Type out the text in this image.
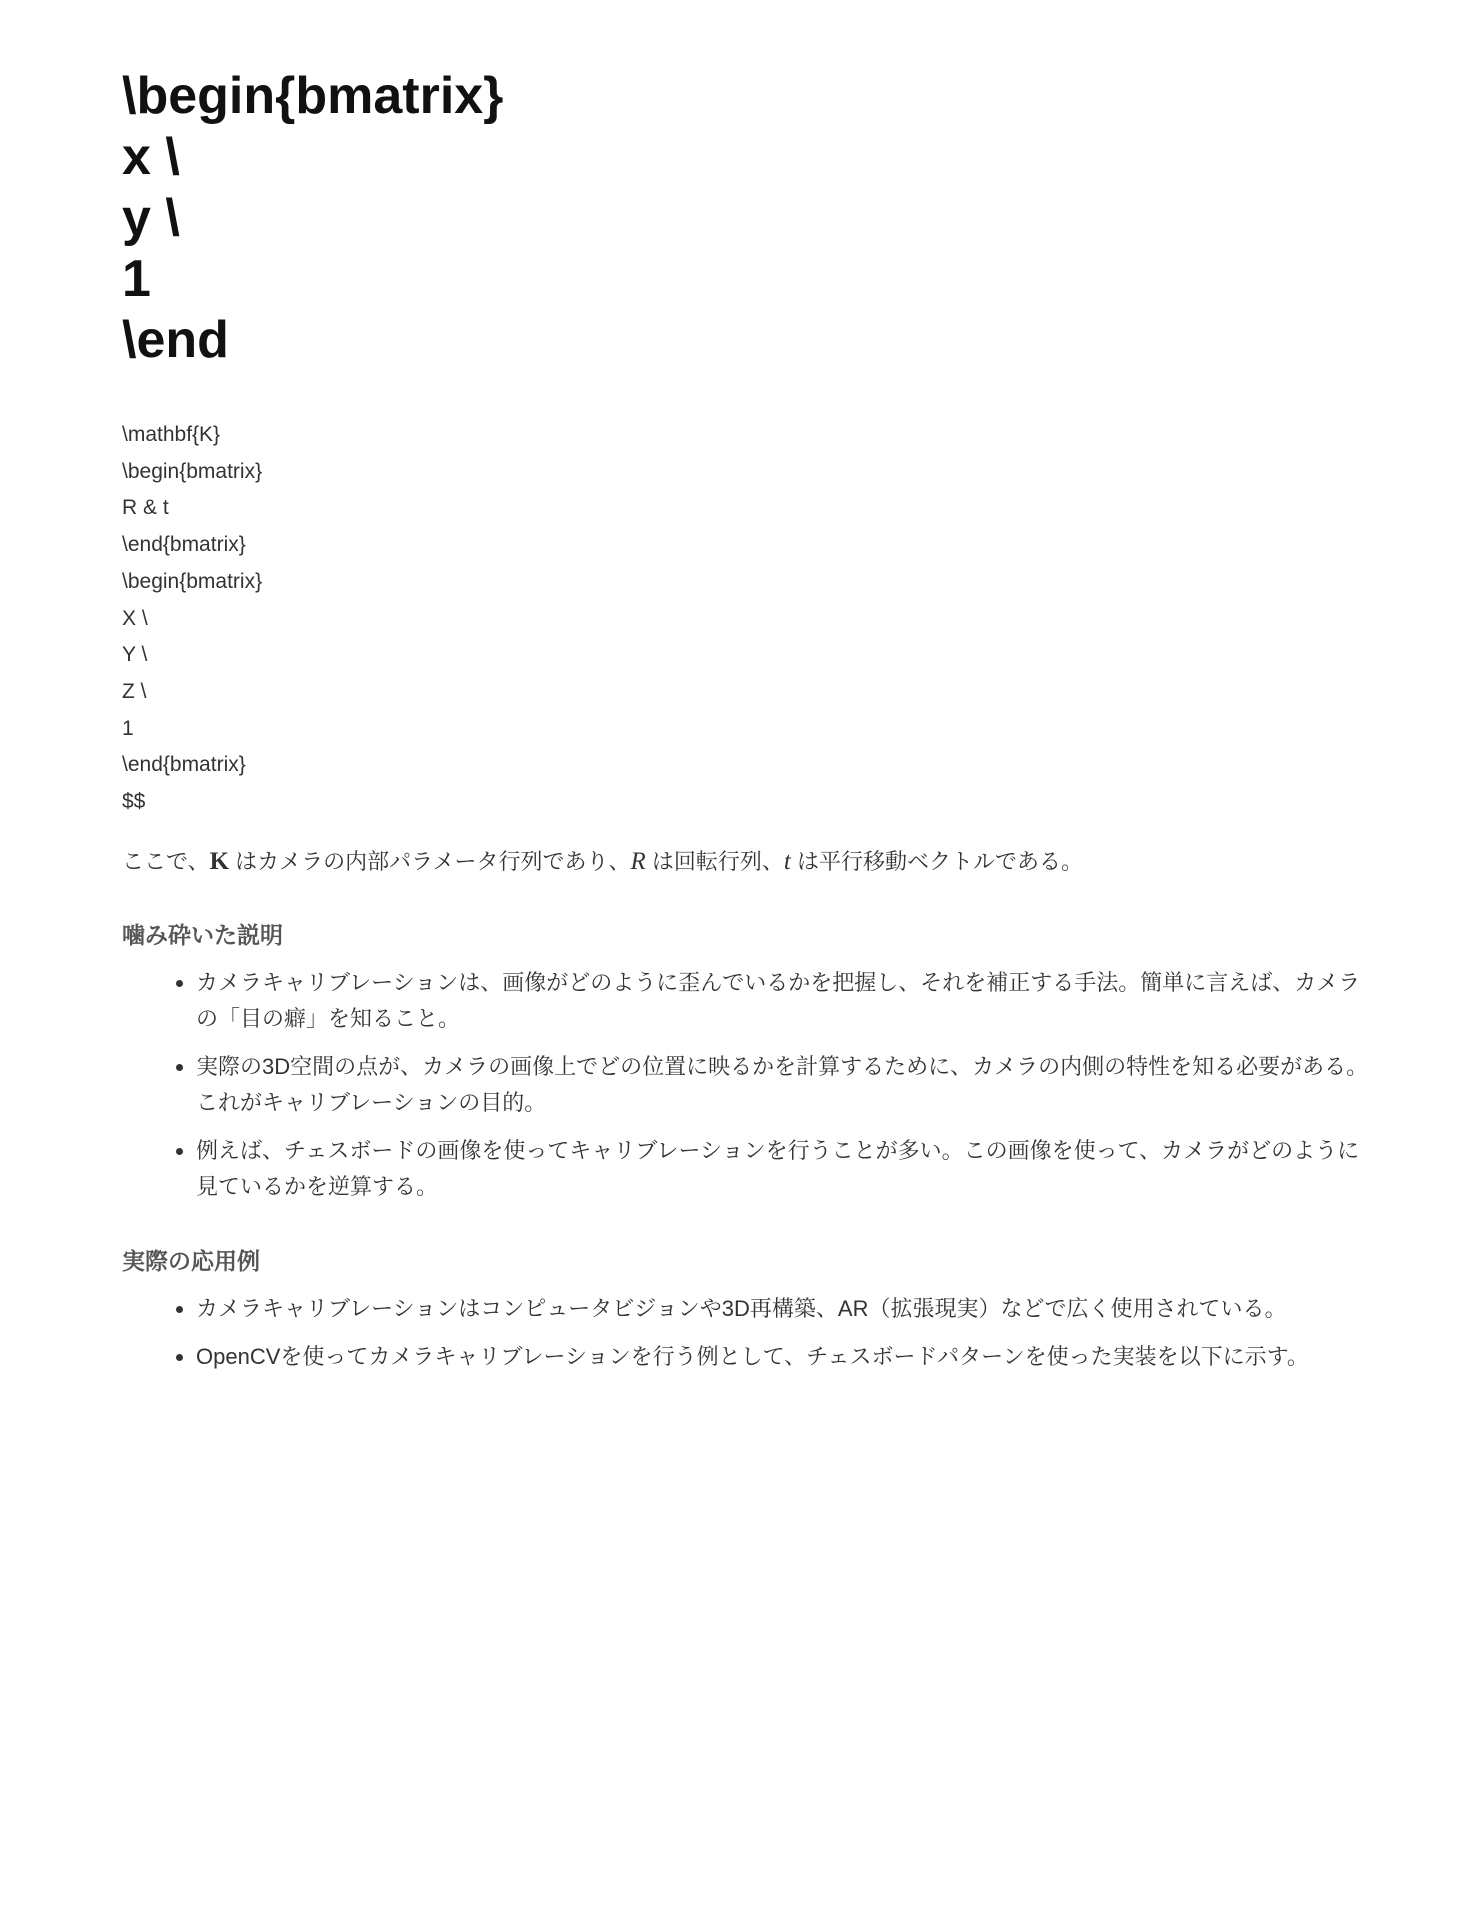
\begin{bmatrix}
x \
y \
1
\end
\mathbf{K}
\begin{bmatrix}
R & t
\end{bmatrix}
\begin{bmatrix}
X \
Y \
Z \
1
\end{bmatrix}
$$

ここで、K はカメラの内部パラメータ行列であり、R は回転行列、t は平行移動ベクトルである。

噛み砕いた説明
カメラキャリブレーションは、画像がどのように歪んでいるかを把握し、それを補正する手法。簡単に言えば、カメラの「目の癖」を知ること。
実際の3D空間の点が、カメラの画像上でどの位置に映るかを計算するために、カメラの内側の特性を知る必要がある。これがキャリブレーションの目的。
例えば、チェスボードの画像を使ってキャリブレーションを行うことが多い。この画像を使って、カメラがどのように見ているかを逆算する。
実際の応用例
カメラキャリブレーションはコンピュータビジョンや3D再構築、AR（拡張現実）などで広く使用されている。
OpenCVを使ってカメラキャリブレーションを行う例として、チェスボードパターンを使った実装を以下に示す。
